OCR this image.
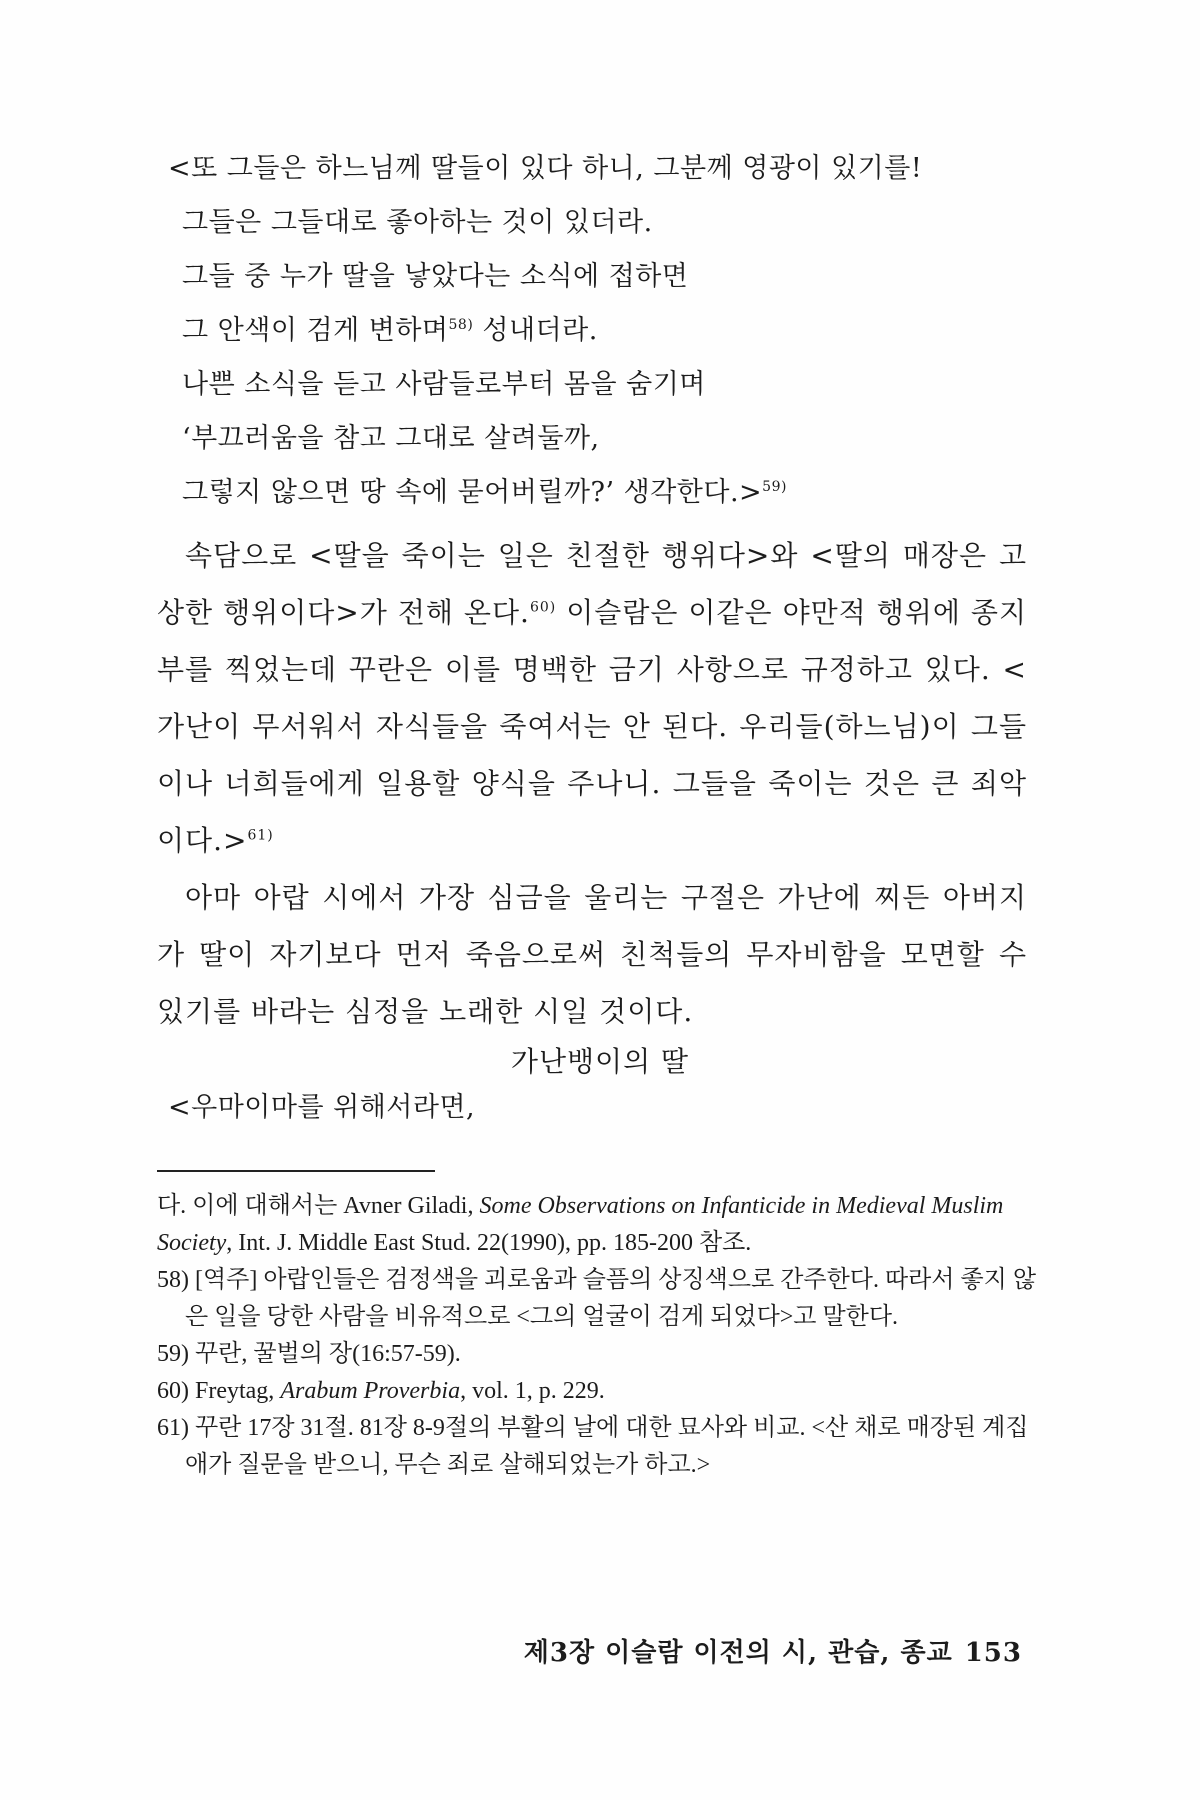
<또 그들은 하느님께 딸들이 있다 하니, 그분께 영광이 있기를!
그들은 그들대로 좋아하는 것이 있더라.
그들 중 누가 딸을 낳았다는 소식에 접하면
그 안색이 검게 변하며$^{58)}$ 성내더라.
나쁜 소식을 듣고 사람들로부터 몸을 숨기며
‘부끄러움을 참고 그대로 살려둘까,
그렇지 않으면 땅 속에 묻어버릴까?’ 생각한다.>$^{59)}$

속담으로 <딸을 죽이는 일은 친절한 행위다>와 <딸의 매장은 고상한 행위이다>가 전해 온다.$^{60)}$ 이슬람은 이같은 야만적 행위에 종지부를 찍었는데 꾸란은 이를 명백한 금기 사항으로 규정하고 있다. <가난이 무서워서 자식들을 죽여서는 안 된다. 우리들(하느님)이 그들이나 너희들에게 일용할 양식을 주나니. 그들을 죽이는 것은 큰 죄악이다.>$^{61)}$

아마 아랍 시에서 가장 심금을 울리는 구절은 가난에 찌든 아버지가 딸이 자기보다 먼저 죽음으로써 친척들의 무자비함을 모면할 수 있기를 바라는 심정을 노래한 시일 것이다.

가난뱅이의 딸
<우마이마를 위해서라면,

다. 이에 대해서는 Avner Giladi, Some Observations on Infanticide in Medieval Muslim Society, Int. J. Middle East Stud. 22(1990), pp. 185-200 참조.

58) [역주] 아랍인들은 검정색을 괴로움과 슬픔의 상징색으로 간주한다. 따라서 좋지 않은 일을 당한 사람을 비유적으로 <그의 얼굴이 검게 되었다>고 말한다.

59) 꾸란, 꿀벌의 장(16:57-59).

60) Freytag, Arabum Proverbia, vol. 1, p. 229.

61) 꾸란 17장 31절. 81장 8-9절의 부활의 날에 대한 묘사와 비교. <산 채로 매장된 계집애가 질문을 받으니, 무슨 죄로 살해되었는가 하고.>

제3장 이슬람 이전의 시, 관습, 종교 153
